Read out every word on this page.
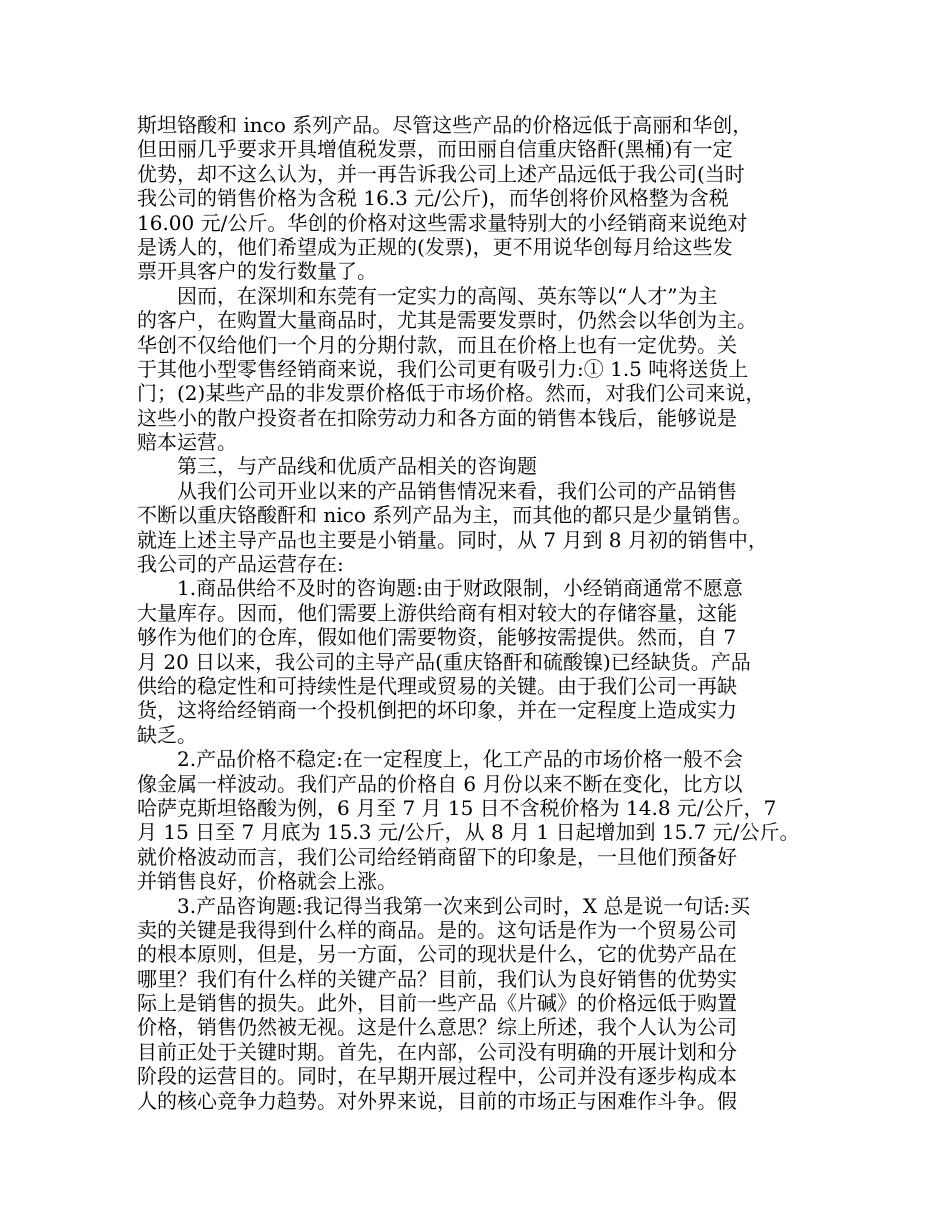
斯坦铬酸和 inco 系列产品。尽管这些产品的价格远低于高丽和华创，
但田丽几乎要求开具增值税发票，而田丽自信重庆铬酐(黑桶)有一定
优势，却不这么认为，并一再告诉我公司上述产品远低于我公司(当时
我公司的销售价格为含税 16.3 元/公斤)，而华创将价风格整为含税
16.00 元/公斤。华创的价格对这些需求量特别大的小经销商来说绝对
是诱人的，他们希望成为正规的(发票)，更不用说华创每月给这些发
票开具客户的发行数量了。
　　因而，在深圳和东莞有一定实力的高闯、英东等以“人才”为主
的客户，在购置大量商品时，尤其是需要发票时，仍然会以华创为主。
华创不仅给他们一个月的分期付款，而且在价格上也有一定优势。关
于其他小型零售经销商来说，我们公司更有吸引力:① 1.5 吨将送货上
门；(2)某些产品的非发票价格低于市场价格。然而，对我们公司来说，
这些小的散户投资者在扣除劳动力和各方面的销售本钱后，能够说是
赔本运营。
　　第三，与产品线和优质产品相关的咨询题
　　从我们公司开业以来的产品销售情况来看，我们公司的产品销售
不断以重庆铬酸酐和 nico 系列产品为主，而其他的都只是少量销售。
就连上述主导产品也主要是小销量。同时，从 7 月到 8 月初的销售中，
我公司的产品运营存在:
　　1.商品供给不及时的咨询题:由于财政限制，小经销商通常不愿意
大量库存。因而，他们需要上游供给商有相对较大的存储容量，这能
够作为他们的仓库，假如他们需要物资，能够按需提供。然而，自 7
月 20 日以来，我公司的主导产品(重庆铬酐和硫酸镍)已经缺货。产品
供给的稳定性和可持续性是代理或贸易的关键。由于我们公司一再缺
货，这将给经销商一个投机倒把的坏印象，并在一定程度上造成实力
缺乏。
　　2.产品价格不稳定:在一定程度上，化工产品的市场价格一般不会
像金属一样波动。我们产品的价格自 6 月份以来不断在变化，比方以
哈萨克斯坦铬酸为例，6 月至 7 月 15 日不含税价格为 14.8 元/公斤，7
月 15 日至 7 月底为 15.3 元/公斤，从 8 月 1 日起增加到 15.7 元/公斤。
就价格波动而言，我们公司给经销商留下的印象是，一旦他们预备好
并销售良好，价格就会上涨。
　　3.产品咨询题:我记得当我第一次来到公司时，X 总是说一句话:买
卖的关键是我得到什么样的商品。是的。这句话是作为一个贸易公司
的根本原则，但是，另一方面，公司的现状是什么，它的优势产品在
哪里？我们有什么样的关键产品？目前，我们认为良好销售的优势实
际上是销售的损失。此外，目前一些产品《片碱》的价格远低于购置
价格，销售仍然被无视。这是什么意思？综上所述，我个人认为公司
目前正处于关键时期。首先，在内部，公司没有明确的开展计划和分
阶段的运营目的。同时，在早期开展过程中，公司并没有逐步构成本
人的核心竞争力趋势。对外界来说，目前的市场正与困难作斗争。假
